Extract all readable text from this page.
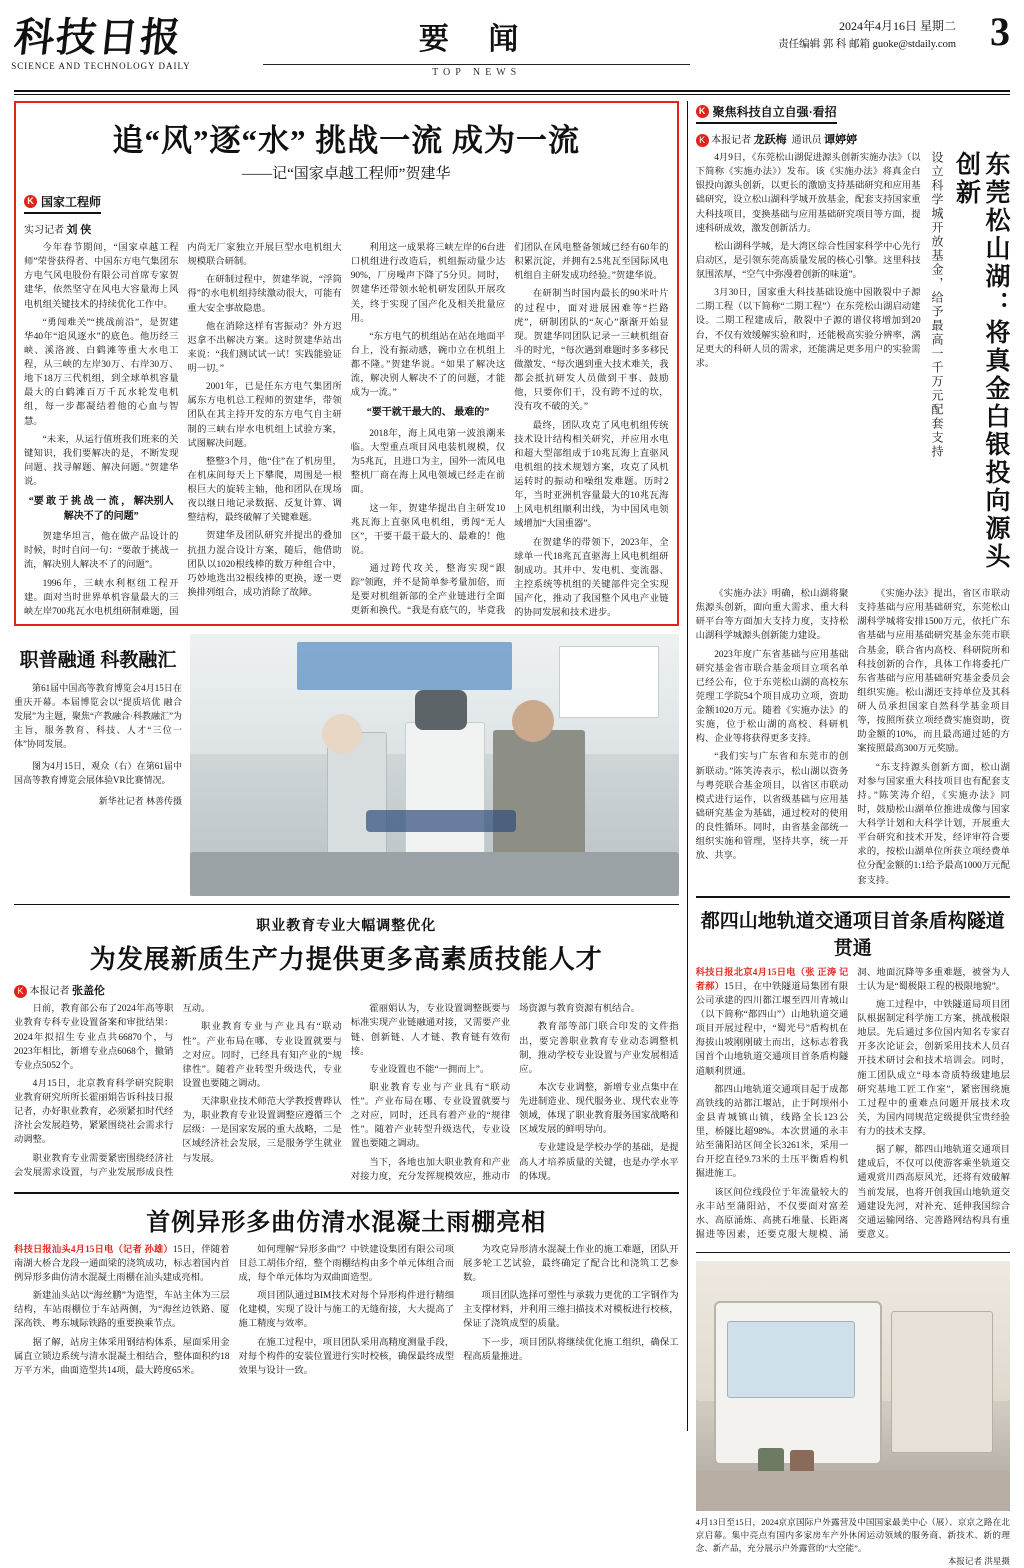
科技日报
SCIENCE AND TECHNOLOGY DAILY
要 闻
TOP NEWS
3
2024年4月16日 星期二
责任编辑 郭 科 邮箱 guoke@stdaily.com
追“风”逐“水” 挑战一流 成为一流
——记“国家卓越工程师”贺建华
K 国家工程师
实习记者 刘 侠

今年春节期间，“国家卓越工程师”荣誉获得者、中国东方电气集团东方电气风电股份有限公司首席专家贺建华，依然坚守在风电大容量海上风电机组关键技术的持续优化工作中。

“勇闯难关”“挑战前沿”，是贺建华40年“追风逐水”的底色。他历经三峡、溪洛渡、白鹤滩等重大水电工程，从三峡的左岸30万、右岸30万、地下18万三代机组，到全球单机容量最大的白鹤滩百万千瓦水轮发电机组，每一步都凝结着他的心血与智慧。

“未来，从运行值班我们班来的关键知识，我们要解决的是，不断发现问题、找寻解题、解决问题。”贺建华说。

“要 敢 于 挑 战 一 流 ， 解决别人解决不了的问题”

贺建华坦言，他在做产品设计的时候，时时自问一句：“要敢于挑战一流，解决别人解决不了的问题”。

1996年，三峡水利枢纽工程开建。面对当时世界单机容量最大的三峡左岸700兆瓦水电机组研制难题，国内尚无厂家独立开展巨型水电机组大规模联合研制。

在研制过程中，贺建华说，“浮筒得”的水电机组持续激动很大，可能有重大安全事故隐患。

他在消除这样有害振动？外方迟迟拿不出解决方案。这时贺建华站出来说：“我们测试试一试！实践能验证明一切。”

2001年，已是任东方电气集团所属东方电机总工程师的贺建华，带领团队在其主持开发的东方电气自主研制的三峡右岸水电机组上试验方案，试图解决问题。

整整3个月，他“住”在了机房里，在机床间每天上下攀爬，周围是一根根巨大的旋转主轴，他和团队在现场夜以继日地记录数据、反复计算、调整结构，最终破解了关键难题。

贺建华及团队研究并提出的叠加抗扭力混合设计方案，随后，他借助团队以1020根线棒的数万种组合中，巧妙地选出32根线棒的更换，逐一更换排列组合，成功消除了故障。

利用这一成果将三峡左岸的6台进口机组进行改造后，机组振动量少达90%，厂房噪声下降了5分贝。同时，贺建华还带领水轮机研发团队开展攻关，终于实现了国产化及相关批量应用。

“东方电气的机组站在站在地面平台上，没有振动感，碗巾立在机组上都不隆。”贺建华说。“如果了解决这流，解决别人解决不了的问题，才能成为一流。”

“要干就干最大的、 最难的”

2018年，海上风电第一波浪潮来临。大型重点项目风电装机规模，仅为5兆瓦，且进口为主，国外一流风电整机厂商在海上风电领域已经走在前面。

这一年，贺建华提出自主研发10兆瓦海上直驱风电机组，勇闯“无人区”，干要干最干最大的、最难的！他说。

通过跨代攻关，整海实现“跟踪”领跑，并不是简单参考量加倍，而是要对机组新部的全产业链进行全面更新和换代。“我是有底气的，毕竟我们团队在风电整备领域已经有60年的积累沉淀，并拥有2.5兆瓦至国际风电机组自主研发成功经验。”贺建华说。

在研制当时国内最长的90米叶片的过程中，面对进展困难等“拦路虎”，研制团队的“灰心”渐渐开始显现。贺建华同团队记录一三峡机组奋斗的时光，“每次遇到难题时多多移民做激发、“每次遇到重大技术难关，我都会抵抗研发人员做到干事、鼓励他，只要你们干，没有跨不过的坎，没有攻不破的关。”

最终，团队攻克了风电机组传统技术设计结构相关研究，并应用水电和超大型部组成于10兆瓦海上直驱风电机组的技术规划方案，攻克了风机运转时的振动和噪组发难题。历时2年，当时亚洲机容量最大的10兆瓦海上风电机组顺利出线，为中国风电领域增加“大国重器”。

在贺建华的带领下，2023年，全球单一代18兆瓦直驱海上风电机组研制成功。其并中、发电机、变流器、主控系统等机组的关键部件完全实现国产化，推动了我国整个风电产业链的协同发展和技术进步。

职普融通 科教融汇

第61届中国高等教育博览会4月15日在重庆开幕。本届博览会以“提质培优 融合发展”为主题，聚焦“产教融合·科教融汇”为主旨，服务教育、科技、人才“三位一体”协同发展。

图为4月15日，观众（右）在第61届中国高等教育博览会展体验VR比赛情况。

新华社记者 林善传摄

职业教育专业大幅调整优化
为发展新质生产力提供更多高素质技能人才
K 本报记者 张盖伦

日前，教育部公布了2024年高等职业教育专科专业设置备案和审批结果：2024年拟招生专业点共66870个，与2023年相比，新增专业点6068个，撤销专业点5052个。

4月15日，北京教育科学研究院职业教育研究所所长霍丽娟告诉科技日报记者，办好职业教育，必须紧扣时代经济社会发展趋势，紧紧围绕社会需求行动调整。

职业教育专业需要紧密围绕经济社会发展需求设置，与产业发展形成良性互动。

职业教育专业与产业具有“联动性”。产业布局在哪、专业设置就要与之对应。同时，已经具有知产业的“规律性”。随着产业转型升级迭代，专业设置也要随之调动。

天津职业技术师范大学教授曹晔认为，职业教育专业设置调整应遵循三个层级：一是国家发展的重大战略，二是区域经济社会发展，三是服务学生就业与发展。

霍丽娟认为，专业设置调整既要与标准实现产业链融通对接，又需要产业链、创新链、人才链、教育链有效衔接。

专业设置也不能“一拥而上”。

职业教育专业与产业具有“联动性”。产业布局在哪、专业设置就要与之对应，同时，还具有着产业的“规律性”。随着产业转型升级迭代，专业设置也要随之调动。

当下，各地也加大职业教育和产业对接力度，充分发挥规模效应，推动市场资源与教育资源有机结合。

教育部等部门联合印发的文件指出，要完善职业教育专业动态调整机制，推动学校专业设置与产业发展相适应。

本次专业调整，新增专业点集中在先进制造业、现代服务业、现代农业等领域，体现了职业教育服务国家战略和区域发展的鲜明导向。

专业建设是学校办学的基础，是提高人才培养质量的关键，也是办学水平的体现。

首例异形多曲仿清水混凝土雨棚亮相

科技日报汕头4月15日电（记者 孙雄）15日，伴随着南湖大桥合龙段一通面梁的浇筑成功，标志着国内首例异形多曲仿清水混凝土雨棚在汕头建成亮相。

新建汕头站以“海丝鹏”为造型，车站主体为三层结构，车站雨棚位于车站两侧，为“海丝边铁路、厦深高铁、粤东城际铁路的重要换乘节点。

据了解，站房主体采用钢结构体系，屋面采用金属直立锁边系统与清水混凝土相结合，整体面积约18万平方米，曲面造型共14项，最大跨度65米。

如何理解“异形多曲”？中铁建设集团有限公司项目总工胡伟介绍，整个雨棚结构由多个单元体组合而成，每个单元体均为双曲面造型。

项目团队通过BIM技术对每个异形构件进行精细化建模，实现了设计与施工的无缝衔接，大大提高了施工精度与效率。

在施工过程中，项目团队采用高精度测量手段，对每个构件的安装位置进行实时校核，确保最终成型效果与设计一致。

为攻克异形清水混凝土作业的施工难题，团队开展多轮工艺试验，最终确定了配合比和浇筑工艺参数。

项目团队选择可塑性与承载力更优的工字钢作为主支撑材料，并利用三维扫描技术对模板进行校核，保证了浇筑成型的质量。

下一步，项目团队将继续优化施工组织，确保工程高质量推进。

K 聚焦科技自立自强·看招
K 本报记者 龙跃梅 通讯员 谭婷婷

4月9日，《东莞松山湖促进源头创新实施办法》（以下简称《实施办法》）发布。该《实施办法》将真金白银投向源头创新，以更长的激励支持基础研究和应用基础研究，设立松山湖科学城开放基金，配套支持国家重大科技项目，变换基础与应用基础研究项目等方面，提速科研成效，激发创新活力。

松山湖科学城，是大湾区综合性国家科学中心先行启动区，是引领东莞高质量发展的核心引擎。这里科技氛围浓厚，“空气中弥漫着创新的味道”。

3月30日，国家重大科技基础设施中国散裂中子源二期工程（以下简称“二期工程”）在东莞松山湖启动建设。二期工程建成后，散裂中子源的谱仪将增加到20台，不仅有效缓解实验和时，还能极高实验分辨率，满足更大的科研人员的需求，还能满足更多用户的实验需求。	设立科学城开放基金，给予最高一千万元配套支持	东莞松山湖：将真金白银投向源头创新

《实施办法》明确，松山湖将聚焦源头创新，面向重大需求、重大科研平台等方面加大支持力度，支持松山湖科学城源头创新能力建设。

2023年度广东省基础与应用基础研究基金省市联合基金项目立项名单已经公布，位于东莞松山湖的高校东莞理工学院54个项目成功立项，资助金额1020万元。随着《实施办法》的实施，位于松山湖的高校、科研机构、企业等将获得更多支持。

“我们实与广东省和东莞市的创新联动。”陈笑涛表示，松山湖以资务与粤莞联合基金项目，以省区市联动模式进行运作，以省级基础与应用基础研究基金为基础，通过校对的使用的良性循环。同时，由省基金部统一组织实施和管理，坚持共享，统一开放、共享。

《实施办法》提出，省区市联动支持基础与应用基础研究，东莞松山湖科学城将安排1500万元，依托广东省基础与应用基础研究基金东莞市联合基金，联合省内高校、科研院所和科技创新的合作，具体工作将委托广东省基础与应用基础研究基金委员会组织实施。松山湖还支持单位及其科研人员承担国家自然科学基金项目等，按照所获立项经费实施资助，资助金额的10%，而且最高通过延的方案按照最高300万元奖励。

“东支持源头创新方面，松山湖对参与国家重大科技项目也有配套支持。”陈笑涛介绍，《实施办法》同时，鼓励松山湖单位推进成像与国家大科学计划和大科学计划，开展重大平台研究和技术开发，经评审符合要求的，按松山湖单位所获立项经费单位分配金额的1:1给予最高1000万元配套支持。

都四山地轨道交通项目首条盾构隧道贯通

科技日报北京4月15日电（张 正涛 记者郝）15日，在中铁隧道局集团有限公司承建的四川都江堰至四川青城山（以下简称“都四山”）山地轨道交通项目开展过程中，“蜀光号”盾构机在海拔山坡刚刚破土而出，这标志着我国首个山地轨道交通项目首条盾构隧道顺利贯通。

都四山地轨道交通项目起于成都高铁线的站都江堰站，止于阿坝州小金县青城镇山镇，线路全长123公里，桥隧比超98%。本次贯通的永丰站至蒲阳站区间全长3261米，采用一台开挖直径9.73米的土压平衡盾构机掘进施工。

该区间位线段位于年流量较大的永丰站至蒲阳站，不仅要面对富差水、高原涌炼、高挑石堆量、长距离掘进等因素，还要克服大规模、涌洞、地面沉降等多重难题，被誉为人士认为是“蜀极限工程的极限地貌”。

施工过程中，中铁隧道局项目团队根据制定科学施工方案，挑战极限地层。先后通过多位国内知名专家召开多次论证会，创新采用技术人员召开技术研讨会和技术培训会。同时，施工团队成立“母本奇质特级建地层研究基地工匠工作室”，紧密围绕施工过程中的重难点问题开展技术攻关，为国内同规范定级提供宝贵经验有力的技术支撑。

据了解，都四山地轨道交通项目建成后，不仅可以使游客乘坐轨道交通观赏川西高原风光，还将有效破解当前发展，也将开创我国山地轨道交通建设先河，对补充、延伸我国综合交通运输网络、完善路网结构具有重要意义。

4月13日至15日，2024京京国际户外露营及中国国家最美中心（展）、京京之路在北京启幕。集中亮点有国内多家房车产外休闲运动领域的服务商、新技术、新的理念、新产品，充分展示户外露营的“大空能”。
本报记者 洪星摄
